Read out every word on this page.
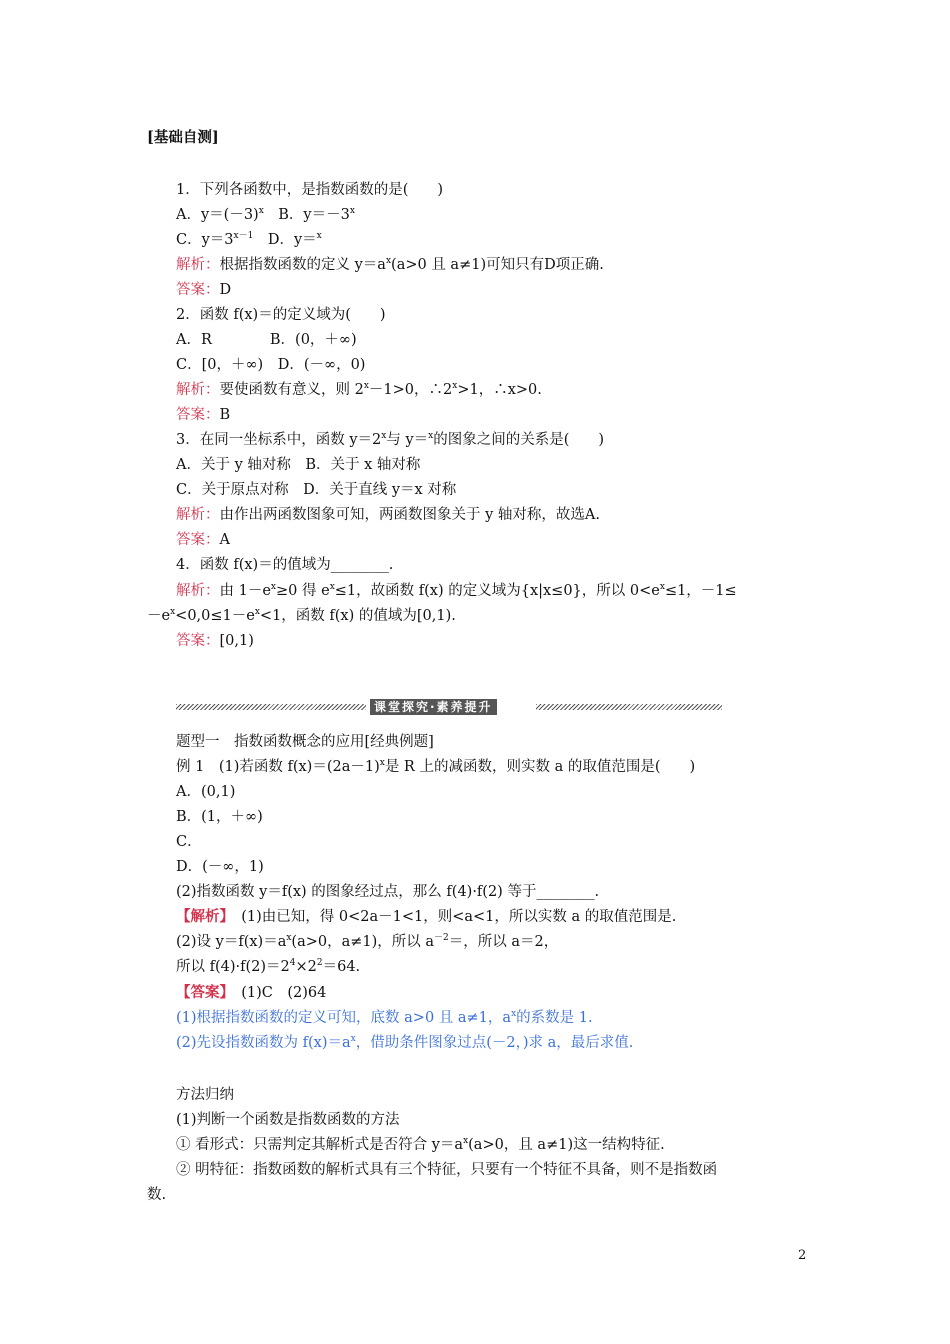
[基础自测]
1．下列各函数中，是指数函数的是(　　)
A．$y=(-3)^x$　B．$y=-3^x$
C．$y=3^{x-1}$　D．y＝$^x$
解析：根据指数函数的定义 $y=a^x(a>0$ 且 a≠1)可知只有D项正确.
答案：D
2．函数 f(x)＝的定义域为(　　)
A．R　　　　B．(0，＋∞)
C．[0，＋∞)　D．(－∞，0)
解析：要使函数有意义，则 $2^x-1>0$，$\therefore 2^x>1$，∴x>0.
答案：B
3．在同一坐标系中，函数 $y=2^x$与 y＝$^x$的图象之间的关系是(　　)
A．关于 y 轴对称　B．关于 x 轴对称
C．关于原点对称　D．关于直线 y＝x 对称
解析：由作出两函数图象可知，两函数图象关于 y 轴对称，故选A.
答案：A
4．函数 f(x)＝的值域为________.
解析：由 $1-e^x\ge 0$ 得 $e^x\le 1$，故函数 f(x) 的定义域为{x|x≤0}，所以 $0<e^x\le 1$，－1≤
$-e^x<0,0\le 1-e^x<1$，函数 f(x) 的值域为[0,1).
答案：[0,1)
课堂探究·素养提升
题型一　指数函数概念的应用[经典例题]
例 1　(1)若函数 $f(x)=(2a-1)^x$是 R 上的减函数，则实数 a 的取值范围是(　　)
A．(0,1)
B．(1，＋∞)
C．
D．(－∞，1)
(2)指数函数 y＝f(x) 的图象经过点，那么 f(4)·f(2) 等于________.
【解析】　(1)由已知，得 0<2a－1<1，则<a<1，所以实数 a 的取值范围是.
(2)设 $y=f(x)=a^x(a>0$，a≠1)，所以 $a^{-2}=$，所以 a＝2，
所以 $f(4)\cdot f(2)=2^4\times 2^2=64$.
【答案】　(1)C　(2)64
(1)根据指数函数的定义可知，底数 a>0 且 a≠1，$a^x$的系数是 1.
(2)先设指数函数为 $f(x)=a^x$，借助条件图象过点(－2，)求 a，最后求值.
方法归纳
(1)判断一个函数是指数函数的方法
① 看形式：只需判定其解析式是否符合 $y=a^x(a>0$，且 a≠1)这一结构特征.
② 明特征：指数函数的解析式具有三个特征，只要有一个特征不具备，则不是指数函
数.
2
